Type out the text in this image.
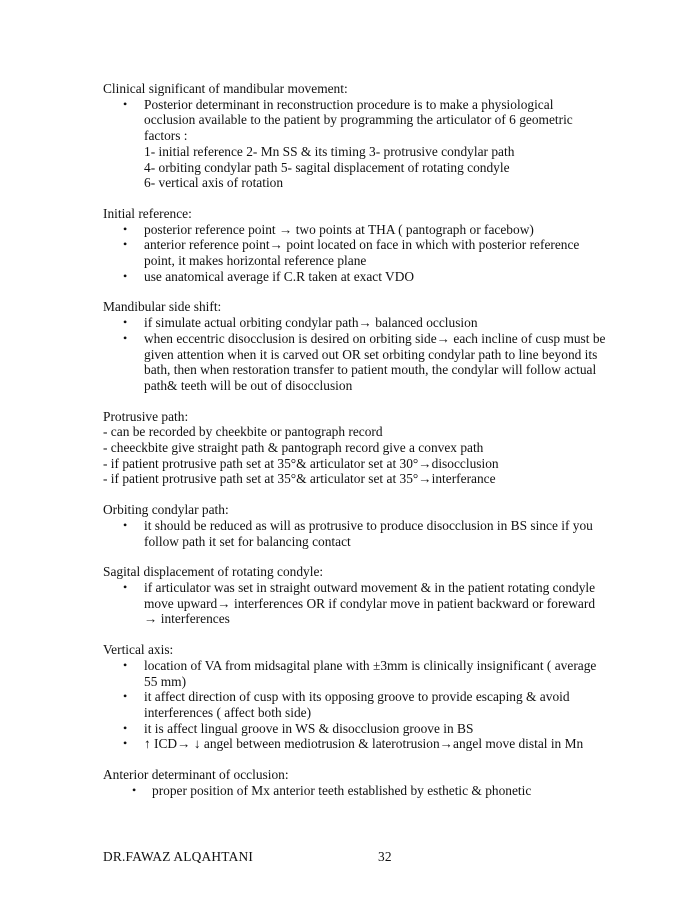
Clinical significant of mandibular movement:

• Posterior determinant in reconstruction procedure is to make a physiological
occlusion available to the patient by programming the articulator of 6 geometric
factors :
1- initial reference 2- Mn SS & its timing 3- protrusive condylar path
4- orbiting condylar path 5- sagital displacement of rotating condyle
6- vertical axis of rotation

Initial reference:

• posterior reference point → two points at THA ( pantograph or facebow)
• anterior reference point→ point located on face in which with posterior reference
point, it makes horizontal reference plane
• use anatomical average if C.R taken at exact VDO

Mandibular side shift:

• if simulate actual orbiting condylar path→ balanced occlusion
• when eccentric disocclusion is desired on orbiting side→ each incline of cusp must be
given attention when it is carved out OR set orbiting condylar path to line beyond its
bath, then when restoration transfer to patient mouth, the condylar will follow actual
path& teeth will be out of disocclusion

Protrusive path:

- can be recorded by cheekbite or pantograph record
- cheeckbite give straight path & pantograph record give a convex path
- if patient protrusive path set at 35°& articulator set at 30°→disocclusion
- if patient protrusive path set at 35°& articulator set at 35°→interferance

Orbiting condylar path:

• it should be reduced as will as protrusive to produce disocclusion in BS since if you
follow path it set for balancing contact

Sagital displacement of rotating condyle:

• if articulator was set in straight outward movement & in the patient rotating condyle
move upward→ interferences OR if condylar move in patient backward or foreward
→ interferences

Vertical axis:

• location of VA from midsagital plane with ±3mm is clinically insignificant ( average
55 mm)
• it affect direction of cusp with its opposing groove to provide escaping & avoid
interferences ( affect both side)
• it is affect lingual groove in WS & disocclusion groove in BS
• ↑ ICD→ ↓ angel between mediotrusion & laterotrusion→angel move distal in Mn

Anterior determinant of occlusion:

• proper position of Mx anterior teeth established by esthetic & phonetic
DR.FAWAZ ALQAHTANI	32
